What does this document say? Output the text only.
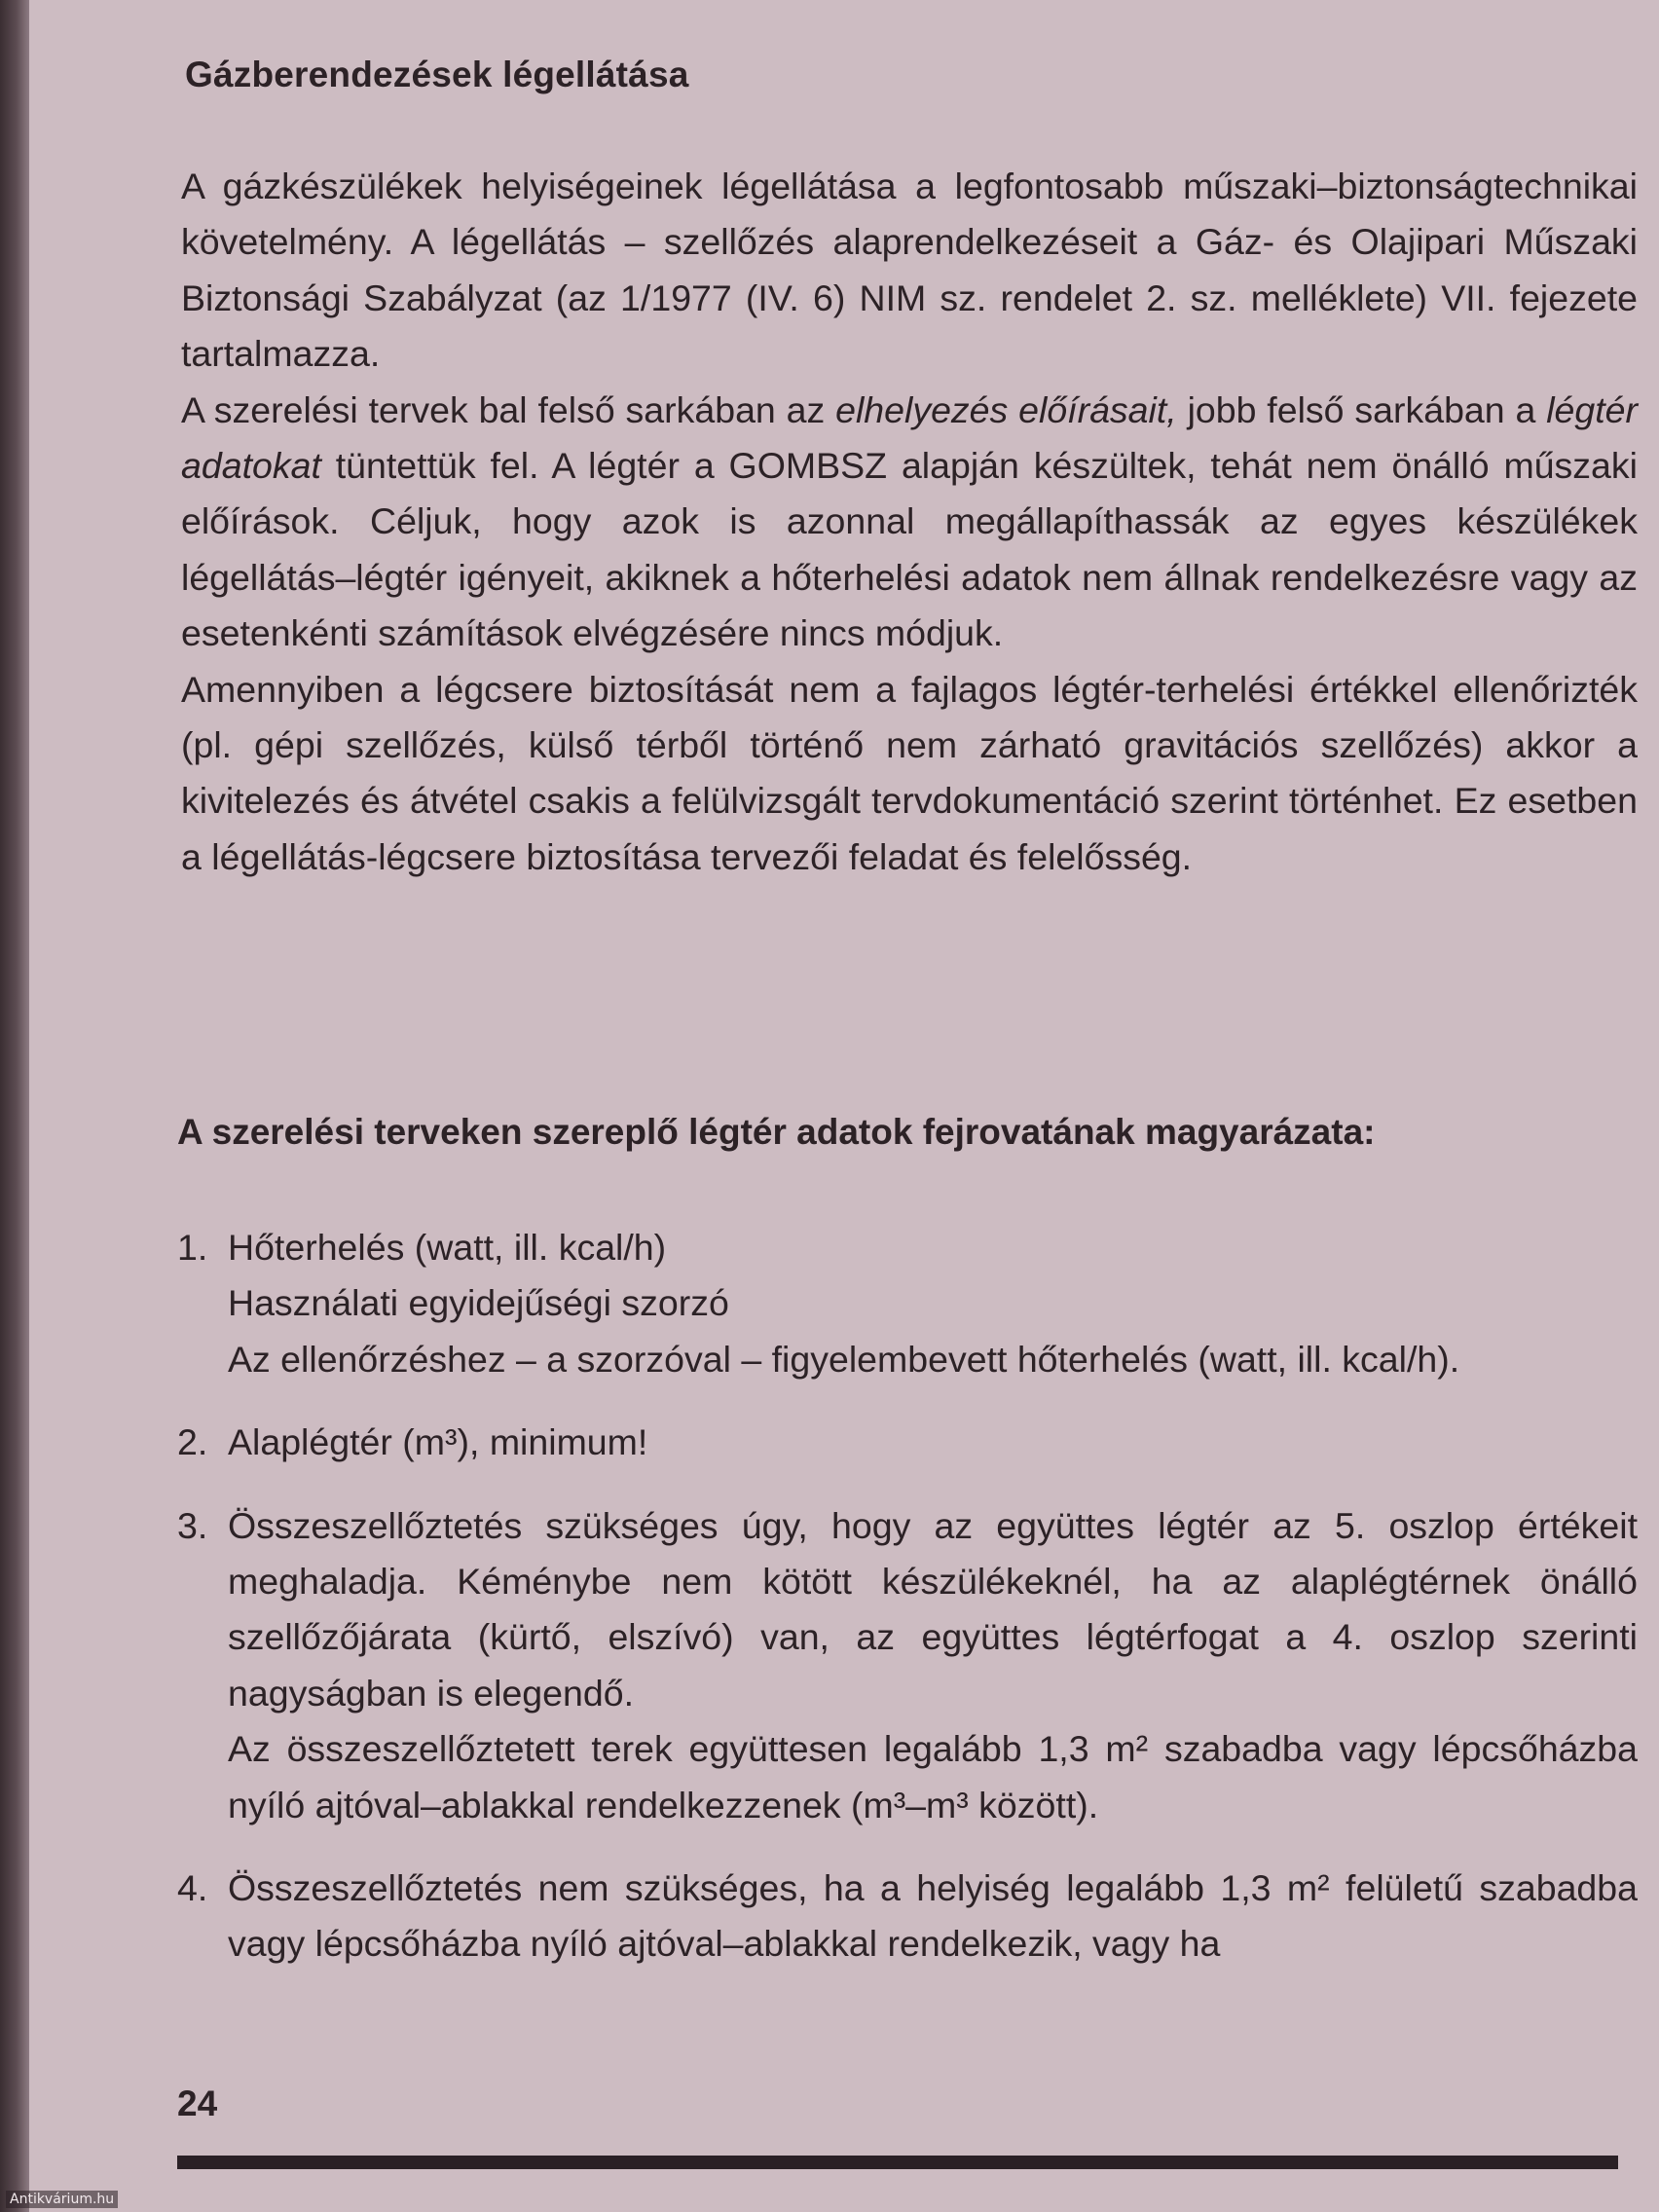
Gázberendezések légellátása

A gázkészülékek helyiségeinek légellátása a legfontosabb műszaki–biztonságtechnikai követelmény. A légellátás – szellőzés alaprendelkezéseit a Gáz- és Olajipari Műszaki Biztonsági Szabályzat (az 1/1977 (IV. 6) NIM sz. rendelet 2. sz. melléklete) VII. fejezete tartalmazza.

A szerelési tervek bal felső sarkában az elhelyezés előírásait, jobb felső sarkában a légtér adatokat tüntettük fel. A légtér a GOMBSZ alapján készültek, tehát nem önálló műszaki előírások. Céljuk, hogy azok is azonnal megállapíthassák az egyes készülékek légellátás–légtér igényeit, akiknek a hőterhelési adatok nem állnak rendelkezésre vagy az esetenkénti számítások elvégzésére nincs módjuk.

Amennyiben a légcsere biztosítását nem a fajlagos légtér-terhelési értékkel ellenőrizték (pl. gépi szellőzés, külső térből történő nem zárható gravitációs szellőzés) akkor a kivitelezés és átvétel csakis a felülvizsgált tervdokumentáció szerint történhet. Ez esetben a légellátás-légcsere biztosítása tervezői feladat és felelősség.

A szerelési terveken szereplő légtér adatok fejrovatának magyarázata:
1. Hőterhelés (watt, ill. kcal/h)

Használati egyidejűségi szorzó

Az ellenőrzéshez – a szorzóval – figyelembevett hőterhelés (watt, ill. kcal/h).

2. Alaplégtér (m³), minimum!

3. Összeszellőztetés szükséges úgy, hogy az együttes légtér az 5. oszlop értékeit meghaladja. Kéménybe nem kötött készülékeknél, ha az alaplégtérnek önálló szellőzőjárata (kürtő, elszívó) van, az együttes légtérfogat a 4. oszlop szerinti nagyságban is elegendő.

Az összeszellőztetett terek együttesen legalább 1,3 m² szabadba vagy lépcsőházba nyíló ajtóval–ablakkal rendelkezzenek (m³–m³ között).

4. Összeszellőztetés nem szükséges, ha a helyiség legalább 1,3 m² felületű szabadba vagy lépcsőházba nyíló ajtóval–ablakkal rendelkezik, vagy ha

24
Antikvárium.hu
